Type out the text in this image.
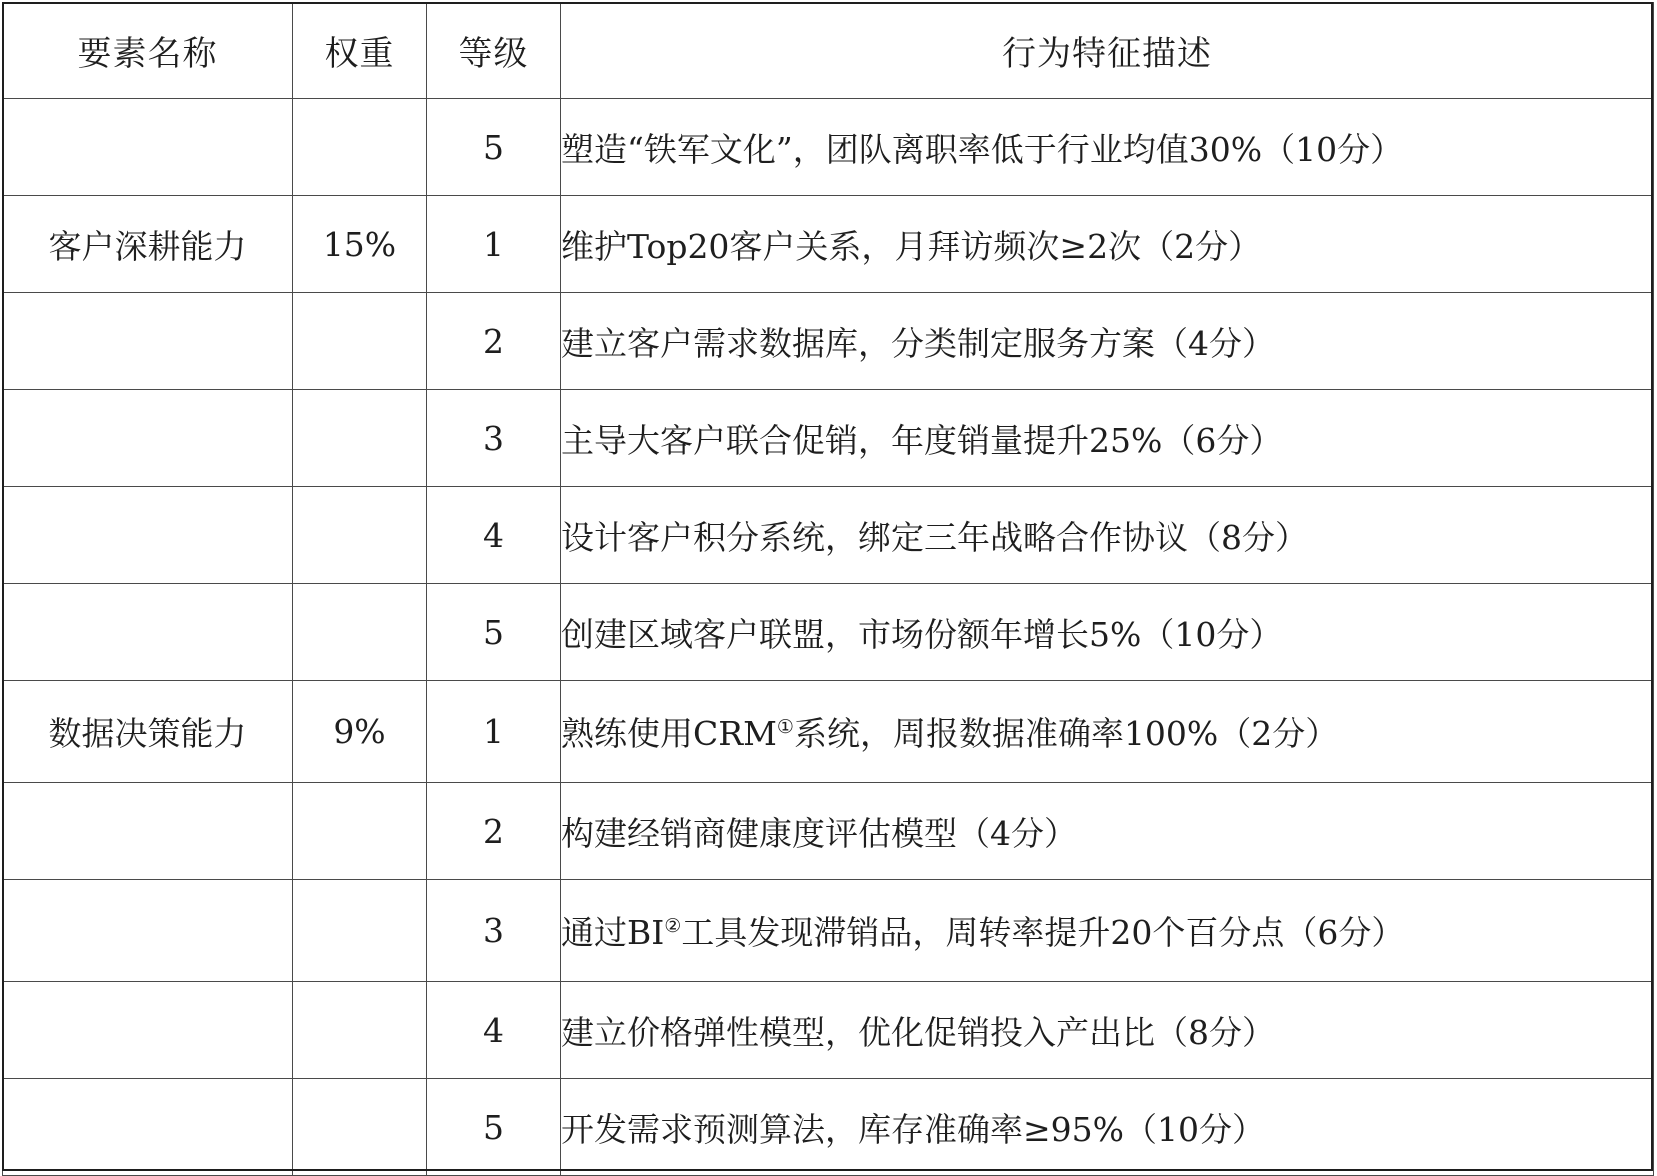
要素名称	权重	等级	行为特征描述
		5	塑造“铁军文化”，团队离职率低于行业均值30%（10分）
客户深耕能力	15%	1	维护Top20客户关系，月拜访频次≥2次（2分）
		2	建立客户需求数据库，分类制定服务方案（4分）
		3	主导大客户联合促销，年度销量提升25%（6分）
		4	设计客户积分系统，绑定三年战略合作协议（8分）
		5	创建区域客户联盟，市场份额年增长5%（10分）
数据决策能力	9%	1	熟练使用CRM①系统，周报数据准确率100%（2分）
		2	构建经销商健康度评估模型（4分）
		3	通过BI②工具发现滞销品，周转率提升20个百分点（6分）
		4	建立价格弹性模型，优化促销投入产出比（8分）
		5	开发需求预测算法，库存准确率≥95%（10分）
